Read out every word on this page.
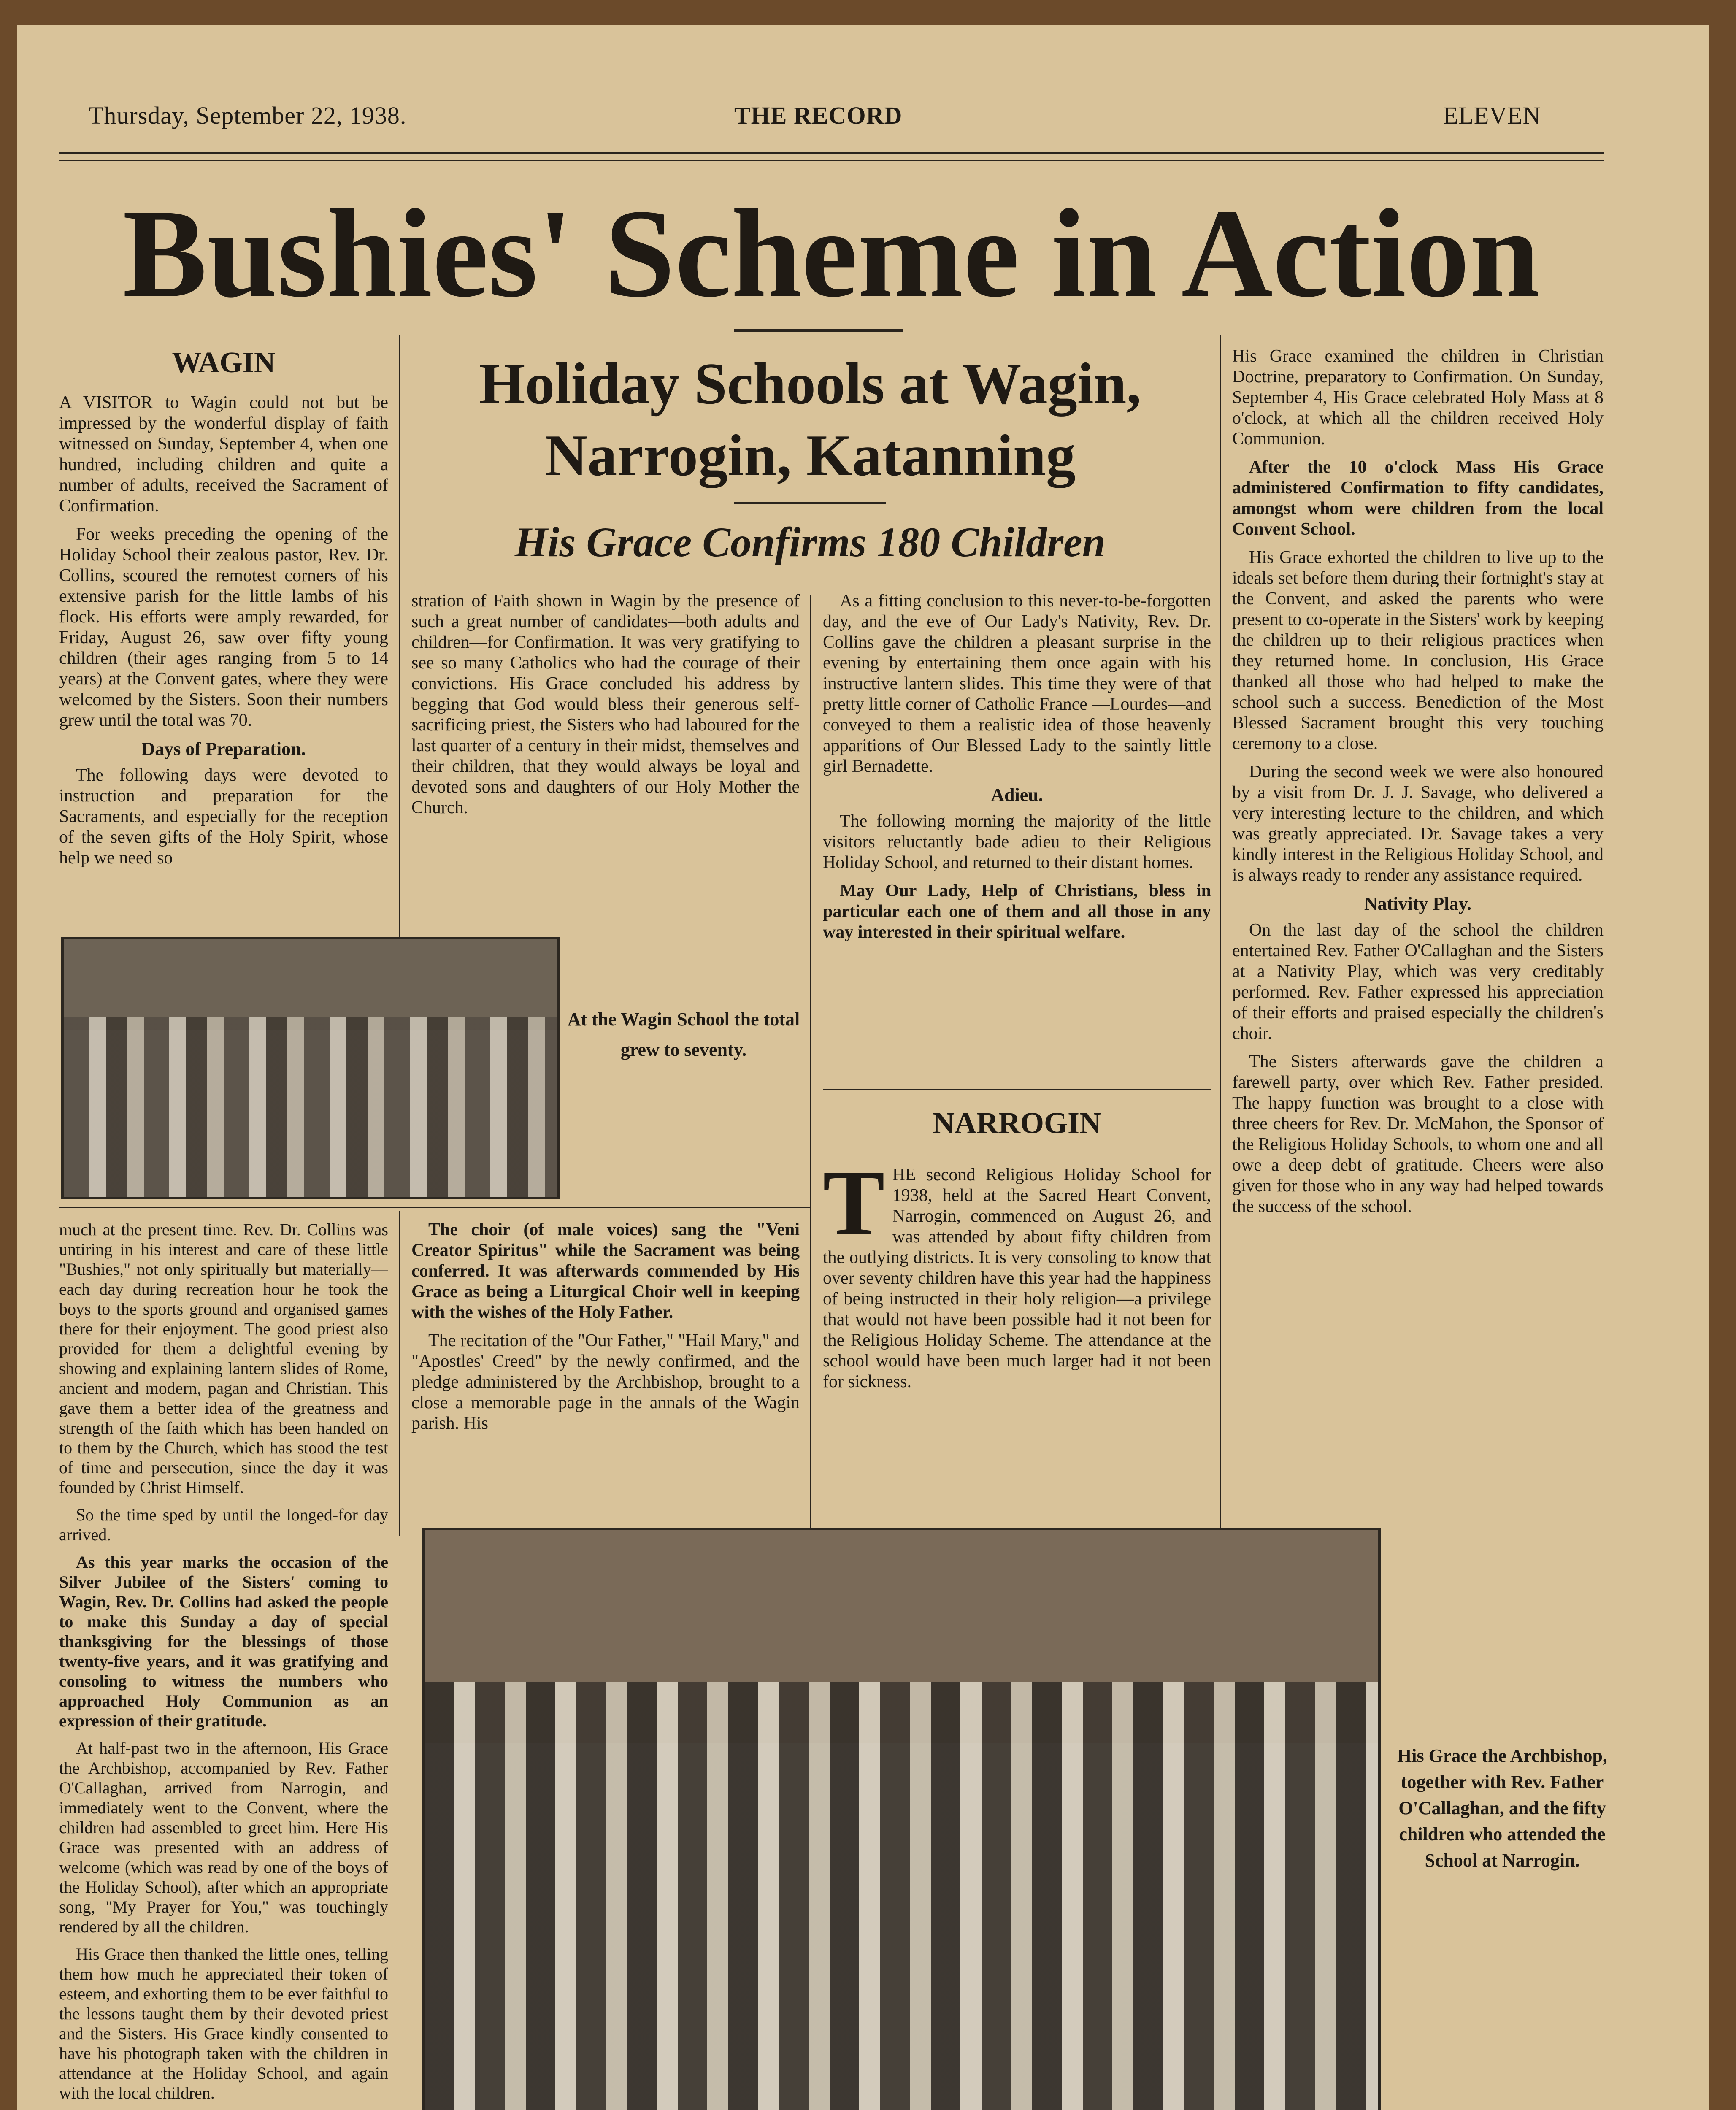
Thursday, September 22, 1938.	THE RECORD	ELEVEN
Bushies' Scheme in Action
WAGIN

A VISITOR to Wagin could not but be impressed by the wonderful display of faith witnessed on Sunday, September 4, when one hundred, including children and quite a number of adults, received the Sacrament of Confirmation.

For weeks preceding the opening of the Holiday School their zealous pastor, Rev. Dr. Collins, scoured the remotest corners of his extensive parish for the little lambs of his flock. His efforts were amply rewarded, for Friday, August 26, saw over fifty young children (their ages ranging from 5 to 14 years) at the Convent gates, where they were welcomed by the Sisters. Soon their numbers grew until the total was 70.

Days of Preparation.

The following days were devoted to instruction and preparation for the Sacraments, and especially for the reception of the seven gifts of the Holy Spirit, whose help we need so

Holiday Schools at Wagin,
Narrogin, Katanning
His Grace Confirms 180 Children

stration of Faith shown in Wagin by the presence of such a great number of candidates—both adults and children—for Confirmation. It was very gratifying to see so many Catholics who had the courage of their convictions. His Grace concluded his address by begging that God would bless their generous self-sacrificing priest, the Sisters who had laboured for the last quarter of a century in their midst, themselves and their children, that they would always be loyal and devoted sons and daughters of our Holy Mother the Church.

As a fitting conclusion to this never-to-be-forgotten day, and the eve of Our Lady's Nativity, Rev. Dr. Collins gave the children a pleasant surprise in the evening by entertaining them once again with his instructive lantern slides. This time they were of that pretty little corner of Catholic France —Lourdes—and conveyed to them a realistic idea of those heavenly apparitions of Our Blessed Lady to the saintly little girl Bernadette.

Adieu.

The following morning the majority of the little visitors reluctantly bade adieu to their Religious Holiday School, and returned to their distant homes.

May Our Lady, Help of Christians, bless in particular each one of them and all those in any way interested in their spiritual welfare.

NARROGIN
T HE second Religious Holiday School for 1938, held at the Sacred Heart Convent, Narrogin, commenced on August 26, and was attended by about fifty children from the outlying districts. It is very consoling to know that over seventy children have this year had the happiness of being instructed in their holy religion—a privilege that would not have been possible had it not been for the Religious Holiday Scheme. The attendance at the school would have been much larger had it not been for sickness.

His Grace examined the children in Christian Doctrine, preparatory to Confirmation. On Sunday, September 4, His Grace celebrated Holy Mass at 8 o'clock, at which all the children received Holy Communion.

After the 10 o'clock Mass His Grace administered Confirmation to fifty candidates, amongst whom were children from the local Convent School.

His Grace exhorted the children to live up to the ideals set before them during their fortnight's stay at the Convent, and asked the parents who were present to co-operate in the Sisters' work by keeping the children up to their religious practices when they returned home. In conclusion, His Grace thanked all those who had helped to make the school such a success. Benediction of the Most Blessed Sacrament brought this very touching ceremony to a close.

During the second week we were also honoured by a visit from Dr. J. J. Savage, who delivered a very interesting lecture to the children, and which was greatly appreciated. Dr. Savage takes a very kindly interest in the Religious Holiday School, and is always ready to render any assistance required.

Nativity Play.

On the last day of the school the children entertained Rev. Father O'Callaghan and the Sisters at a Nativity Play, which was very creditably performed. Rev. Father expressed his appreciation of their efforts and praised especially the children's choir.

The Sisters afterwards gave the children a farewell party, over which Rev. Father presided. The happy function was brought to a close with three cheers for Rev. Dr. McMahon, the Sponsor of the Religious Holiday Schools, to whom one and all owe a deep debt of gratitude. Cheers were also given for those who in any way had helped towards the success of the school.

At the Wagin School the total grew to seventy.

much at the present time. Rev. Dr. Collins was untiring in his interest and care of these little "Bushies," not only spiritually but materially—each day during recreation hour he took the boys to the sports ground and organised games there for their enjoyment. The good priest also provided for them a delightful evening by showing and explaining lantern slides of Rome, ancient and modern, pagan and Christian. This gave them a better idea of the greatness and strength of the faith which has been handed on to them by the Church, which has stood the test of time and persecution, since the day it was founded by Christ Himself.

So the time sped by until the longed-for day arrived.

As this year marks the occasion of the Silver Jubilee of the Sisters' coming to Wagin, Rev. Dr. Collins had asked the people to make this Sunday a day of special thanksgiving for the blessings of those twenty-five years, and it was gratifying and consoling to witness the numbers who approached Holy Communion as an expression of their gratitude.

At half-past two in the afternoon, His Grace the Archbishop, accompanied by Rev. Father O'Callaghan, arrived from Narrogin, and immediately went to the Convent, where the children had assembled to greet him. Here His Grace was presented with an address of welcome (which was read by one of the boys of the Holiday School), after which an appropriate song, "My Prayer for You," was touchingly rendered by all the children.

His Grace then thanked the little ones, telling them how much he appreciated their token of esteem, and exhorting them to be ever faithful to the lessons taught them by their devoted priest and the Sisters. His Grace kindly consented to have his photograph taken with the children in attendance at the Holiday School, and again with the local children.

The choir (of male voices) sang the "Veni Creator Spiritus" while the Sacrament was being conferred. It was afterwards commended by His Grace as being a Liturgical Choir well in keeping with the wishes of the Holy Father.

The recitation of the "Our Father," "Hail Mary," and "Apostles' Creed" by the newly confirmed, and the pledge administered by the Archbishop, brought to a close a memorable page in the annals of the Wagin parish. His

His Grace the Archbishop, together with Rev. Father O'Callaghan, and the fifty children who attended the School at Narrogin.
